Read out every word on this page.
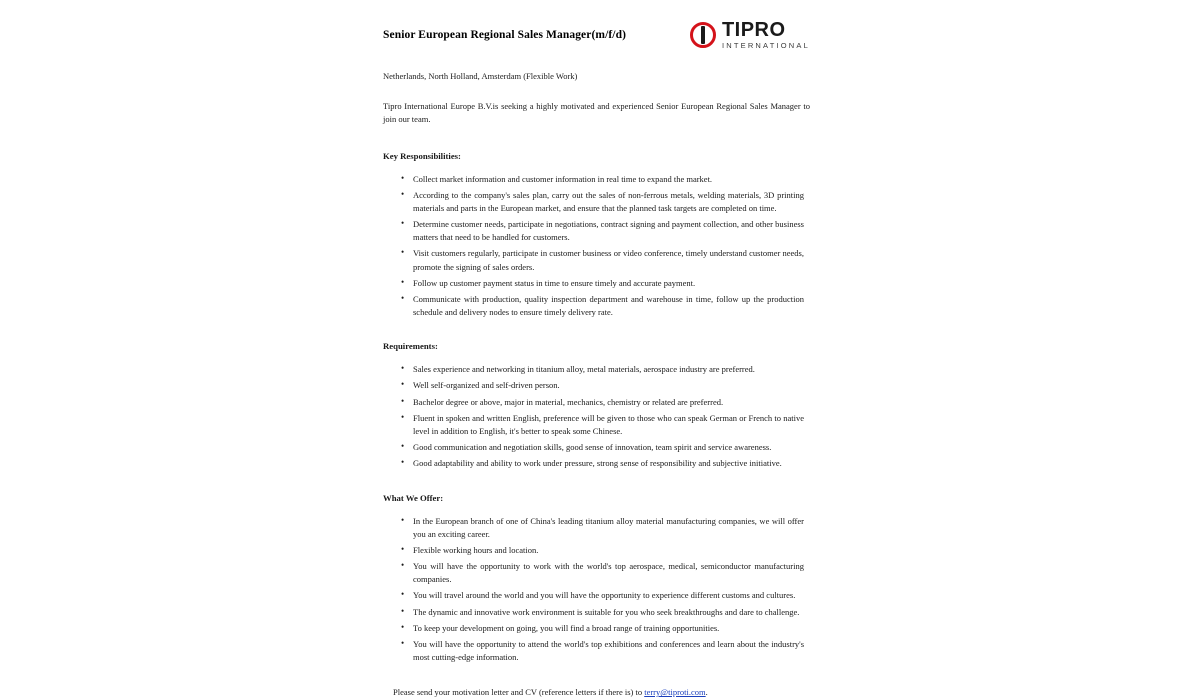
Senior European Regional Sales Manager(m/f/d)	TIPRO
INTERNATIONAL

Netherlands, North Holland, Amsterdam (Flexible Work)

Tipro International Europe B.V.is seeking a highly motivated and experienced Senior European Regional Sales Manager to join our team.

Key Responsibilities:
• Collect market information and customer information in real time to expand the market.
• According to the company's sales plan, carry out the sales of non-ferrous metals, welding materials, 3D printing materials and parts in the European market, and ensure that the planned task targets are completed on time.
• Determine customer needs, participate in negotiations, contract signing and payment collection, and other business matters that need to be handled for customers.
• Visit customers regularly, participate in customer business or video conference, timely understand customer needs, promote the signing of sales orders.
• Follow up customer payment status in time to ensure timely and accurate payment.
• Communicate with production, quality inspection department and warehouse in time, follow up the production schedule and delivery nodes to ensure timely delivery rate.
Requirements:
• Sales experience and networking in titanium alloy, metal materials, aerospace industry are preferred.
• Well self-organized and self-driven person.
• Bachelor degree or above, major in material, mechanics, chemistry or related are preferred.
• Fluent in spoken and written English, preference will be given to those who can speak German or French to native level in addition to English, it's better to speak some Chinese.
• Good communication and negotiation skills, good sense of innovation, team spirit and service awareness.
• Good adaptability and ability to work under pressure, strong sense of responsibility and subjective initiative.
What We Offer:
• In the European branch of one of China's leading titanium alloy material manufacturing companies, we will offer you an exciting career.
• Flexible working hours and location.
• You will have the opportunity to work with the world's top aerospace, medical, semiconductor manufacturing companies.
• You will travel around the world and you will have the opportunity to experience different customs and cultures.
• The dynamic and innovative work environment is suitable for you who seek breakthroughs and dare to challenge.
• To keep your development on going, you will find a broad range of training opportunities.
• You will have the opportunity to attend the world's top exhibitions and conferences and learn about the industry's most cutting-edge information.

Please send your motivation letter and CV (reference letters if there is) to terry@tiproti.com.
